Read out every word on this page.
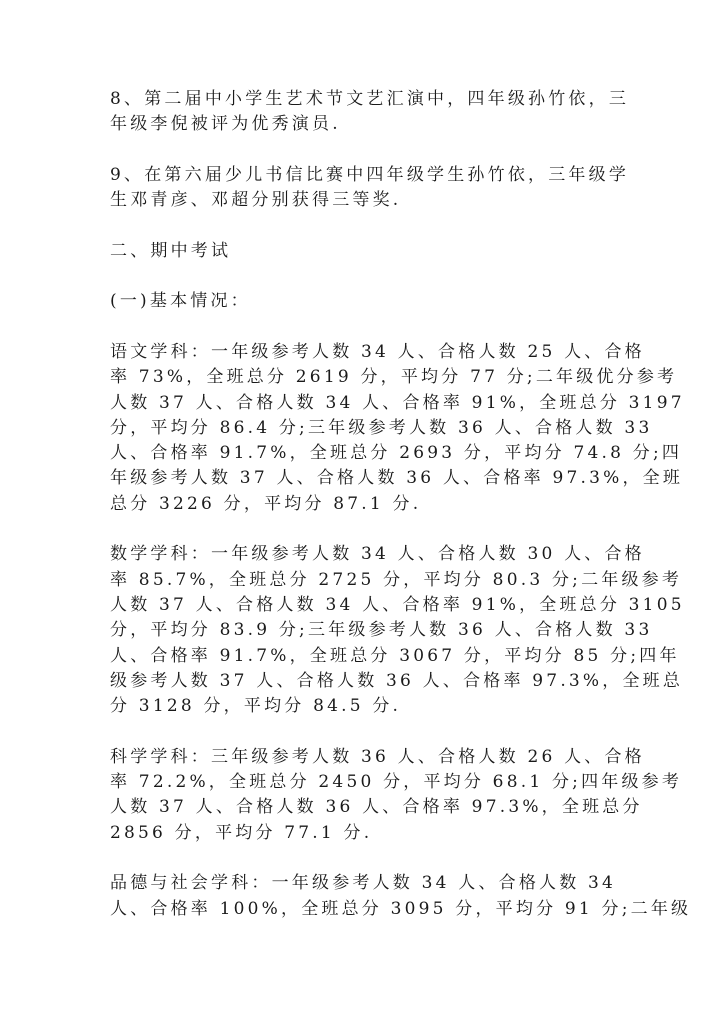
8、第二届中小学生艺术节文艺汇演中，四年级孙竹依，三
年级李倪被评为优秀演员.
9、在第六届少儿书信比赛中四年级学生孙竹依，三年级学
生邓青彦、邓超分别获得三等奖.
二、期中考试
(一)基本情况：
语文学科：一年级参考人数 34 人、合格人数 25 人、合格
率 73%，全班总分 2619 分，平均分 77 分;二年级优分参考
人数 37 人、合格人数 34 人、合格率 91%，全班总分 3197
分，平均分 86.4 分;三年级参考人数 36 人、合格人数 33
人、合格率 91.7%，全班总分 2693 分，平均分 74.8 分;四
年级参考人数 37 人、合格人数 36 人、合格率 97.3%，全班
总分 3226 分，平均分 87.1 分.
数学学科：一年级参考人数 34 人、合格人数 30 人、合格
率 85.7%，全班总分 2725 分，平均分 80.3 分;二年级参考
人数 37 人、合格人数 34 人、合格率 91%，全班总分 3105
分，平均分 83.9 分;三年级参考人数 36 人、合格人数 33
人、合格率 91.7%，全班总分 3067 分，平均分 85 分;四年
级参考人数 37 人、合格人数 36 人、合格率 97.3%，全班总
分 3128 分，平均分 84.5 分.
科学学科：三年级参考人数 36 人、合格人数 26 人、合格
率 72.2%，全班总分 2450 分，平均分 68.1 分;四年级参考
人数 37 人、合格人数 36 人、合格率 97.3%，全班总分
2856 分，平均分 77.1 分.
品德与社会学科：一年级参考人数 34 人、合格人数 34
人、合格率 100%，全班总分 3095 分，平均分 91 分;二年级
